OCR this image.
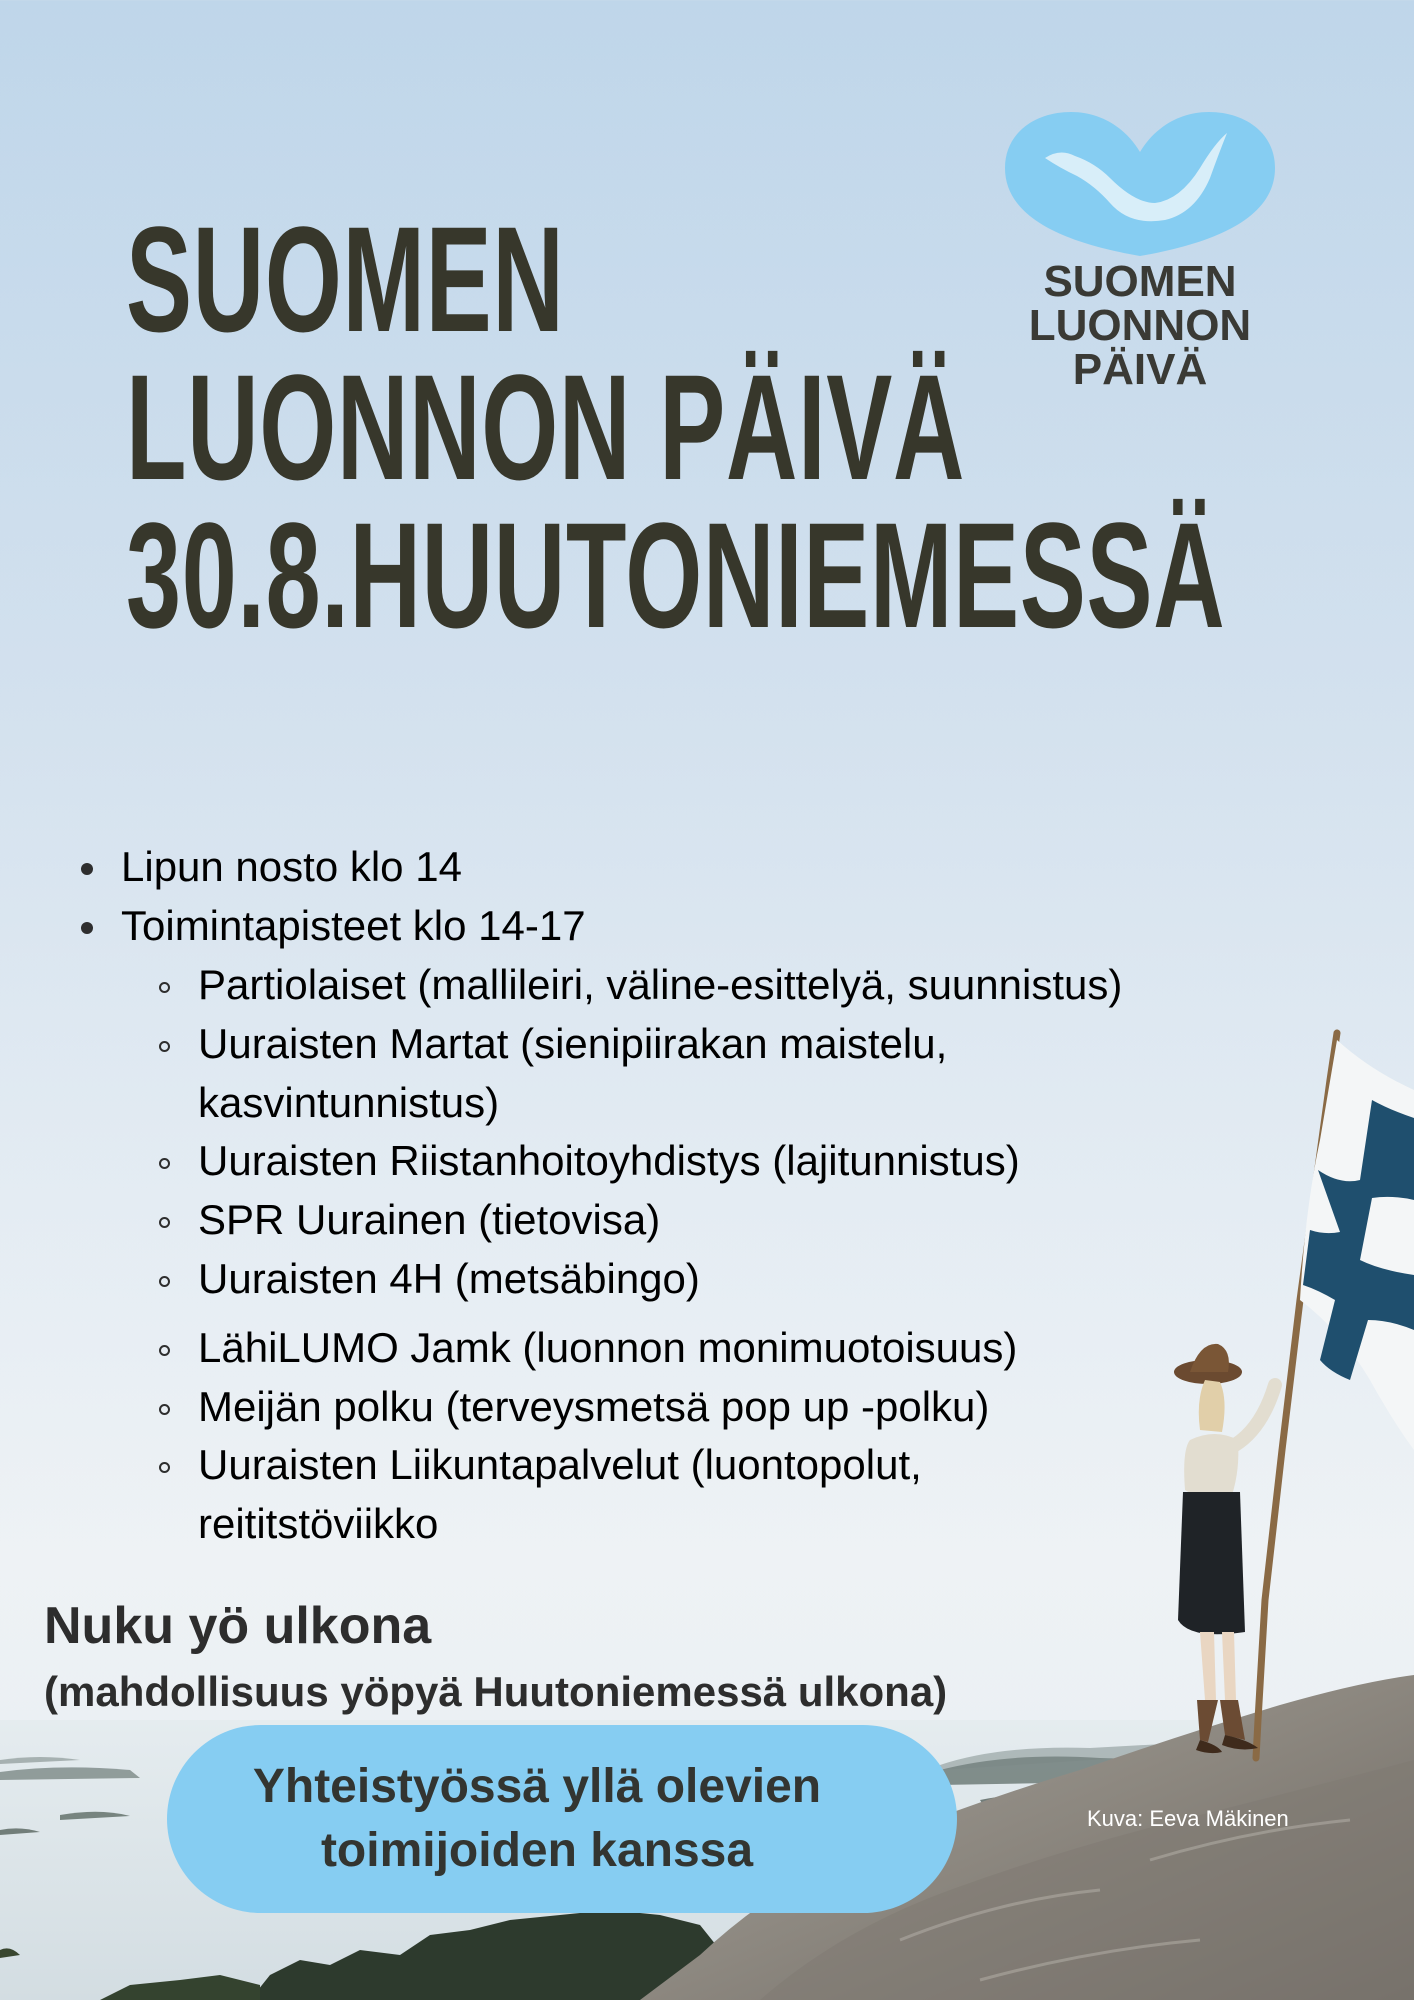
SUOMEN
LUONNON PÄIVÄ
30.8.HUUTONIEMESSÄ
SUOMEN
LUONNON
PÄIVÄ
Lipun nosto klo 14
Toimintapisteet klo 14-17
Partiolaiset (mallileiri, väline-esittelyä, suunnistus)
Uuraisten Martat (sienipiirakan maistelu,
kasvintunnistus)
Uuraisten Riistanhoitoyhdistys (lajitunnistus)
SPR Uurainen (tietovisa)
Uuraisten 4H (metsäbingo)
LähiLUMO Jamk (luonnon monimuotoisuus)
Meijän polku (terveysmetsä pop up -polku)
Uuraisten Liikuntapalvelut (luontopolut,
reititstöviikko
Nuku yö ulkona
(mahdollisuus yöpyä Huutoniemessä ulkona)
Yhteistyössä yllä olevien
toimijoiden kanssa
Kuva: Eeva Mäkinen
